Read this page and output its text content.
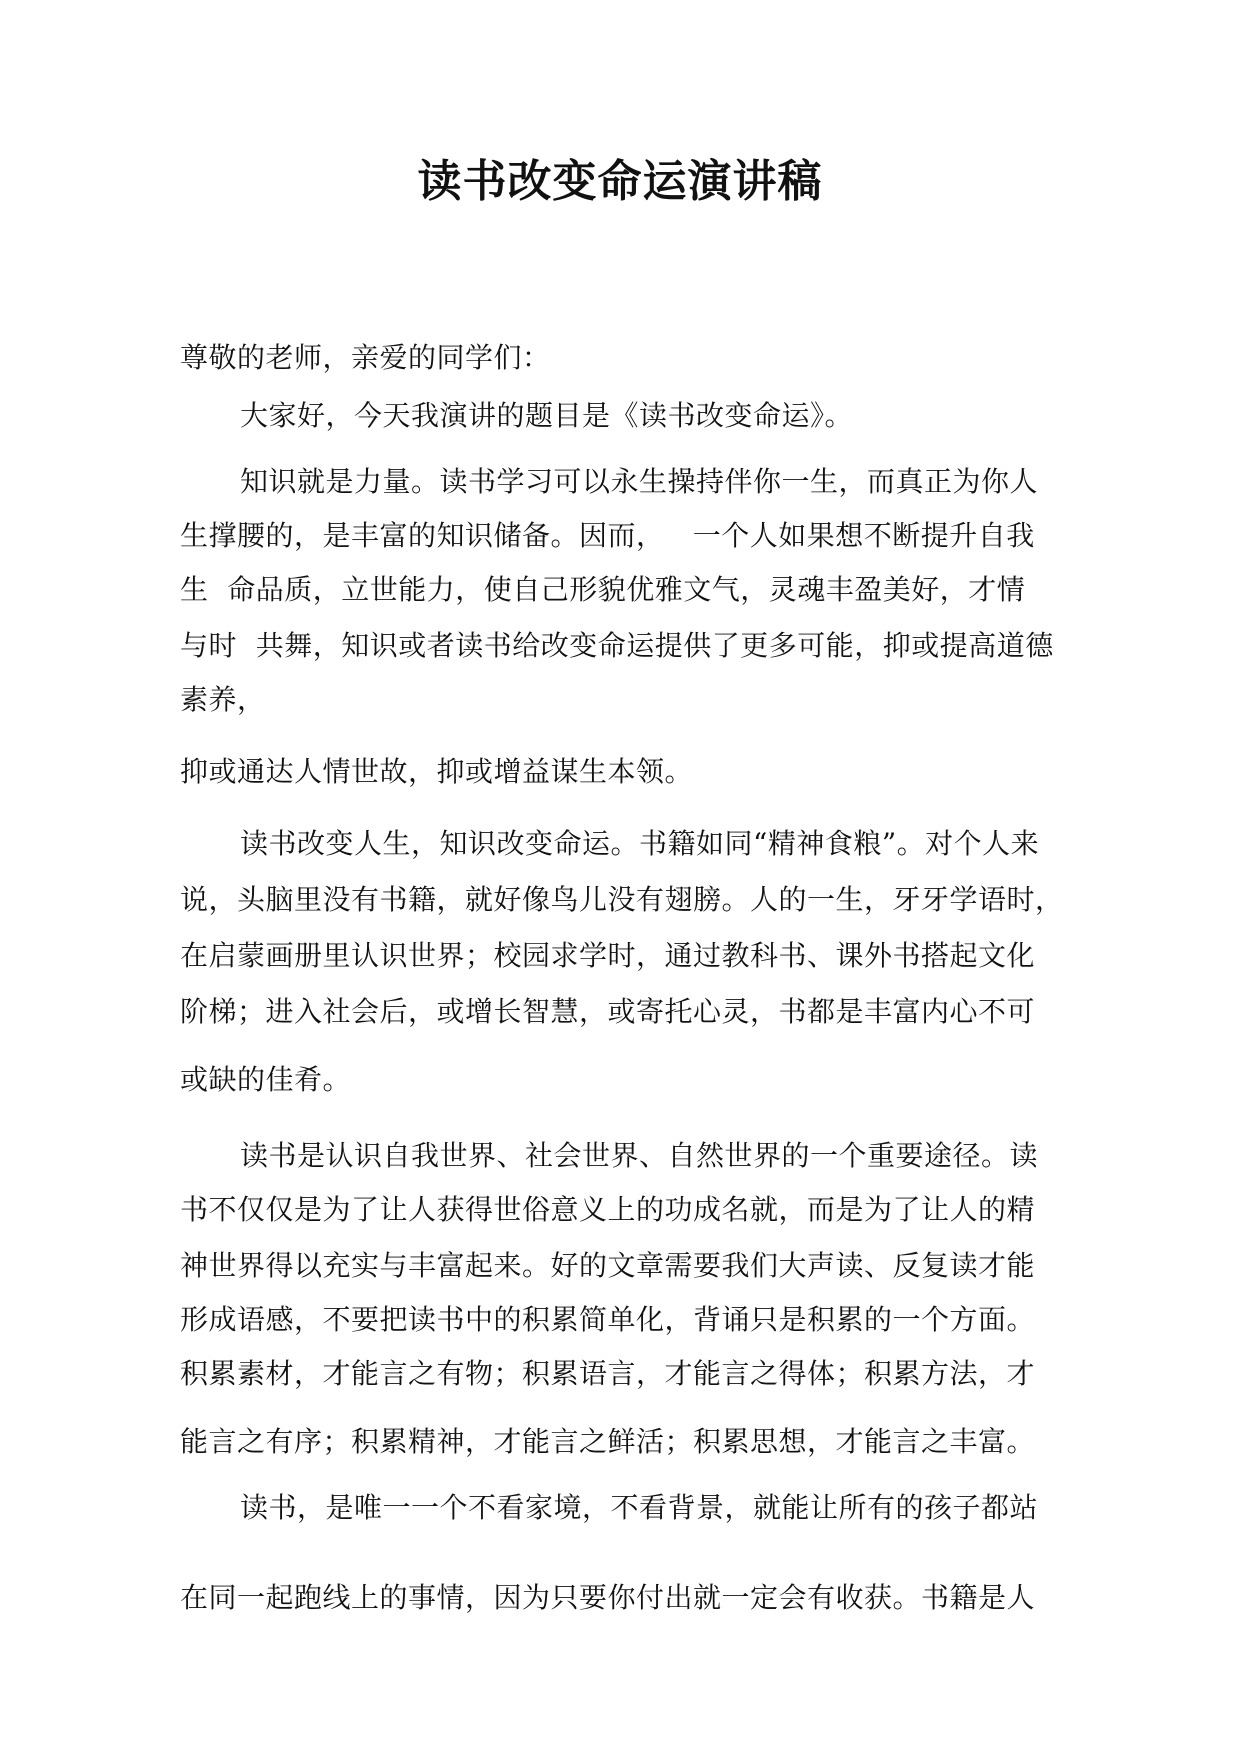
读书改变命运演讲稿
尊敬的老师，亲爱的同学们：
大家好，今天我演讲的题目是《读书改变命运》。
知识就是力量。读书学习可以永生操持伴你一生，而真正为你人
生撑腰的，是丰富的知识储备。因而，   一个人如果想不断提升自我
生  命品质，立世能力，使自己形貌优雅文气，灵魂丰盈美好，才情
与时  共舞，知识或者读书给改变命运提供了更多可能，抑或提高道德
素养，
抑或通达人情世故，抑或增益谋生本领。
读书改变人生，知识改变命运。书籍如同“精神食粮”。对个人来
说，头脑里没有书籍，就好像鸟儿没有翅膀。人的一生，牙牙学语时，
在启蒙画册里认识世界；校园求学时，通过教科书、课外书搭起文化
阶梯；进入社会后，或增长智慧，或寄托心灵，书都是丰富内心不可
或缺的佳肴。
读书是认识自我世界、社会世界、自然世界的一个重要途径。读
书不仅仅是为了让人获得世俗意义上的功成名就，而是为了让人的精
神世界得以充实与丰富起来。好的文章需要我们大声读、反复读才能
形成语感，不要把读书中的积累简单化，背诵只是积累的一个方面。
积累素材，才能言之有物；积累语言，才能言之得体；积累方法，才
能言之有序；积累精神，才能言之鲜活；积累思想，才能言之丰富。
读书，是唯一一个不看家境，不看背景，就能让所有的孩子都站
在同一起跑线上的事情，因为只要你付出就一定会有收获。书籍是人
